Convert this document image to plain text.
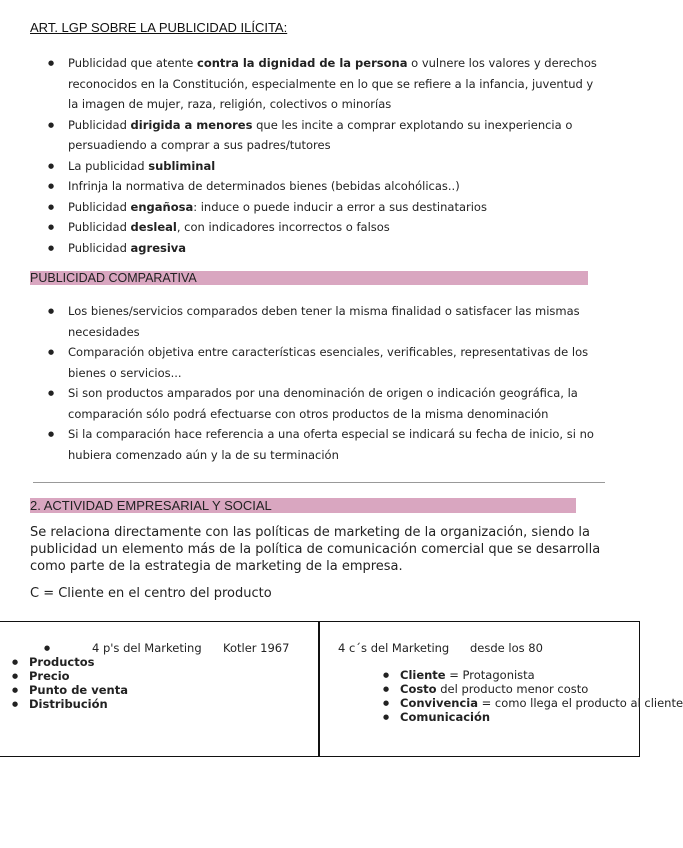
ART. LGP SOBRE LA PUBLICIDAD ILÍCITA:
● Publicidad que atente contra la dignidad de la persona o vulnere los valores y derechos reconocidos en la Constitución, especialmente en lo que se refiere a la infancia, juventud y la imagen de mujer, raza, religión, colectivos o minorías
● Publicidad dirigida a menores que les incite a comprar explotando su inexperiencia o persuadiendo a comprar a sus padres/tutores
● La publicidad subliminal
● Infrinja la normativa de determinados bienes (bebidas alcohólicas..)
● Publicidad engañosa: induce o puede inducir a error a sus destinatarios
● Publicidad desleal, con indicadores incorrectos o falsos
● Publicidad agresiva
PUBLICIDAD COMPARATIVA
● Los bienes/servicios comparados deben tener la misma finalidad o satisfacer las mismas necesidades
● Comparación objetiva entre características esenciales, verificables, representativas de los bienes o servicios...
● Si son productos amparados por una denominación de origen o indicación geográfica, la comparación sólo podrá efectuarse con otros productos de la misma denominación
● Si la comparación hace referencia a una oferta especial se indicará su fecha de inicio, si no hubiera comenzado aún y la de su terminación
2. ACTIVIDAD EMPRESARIAL Y SOCIAL

Se relaciona directamente con las políticas de marketing de la organización, siendo la publicidad un elemento más de la política de comunicación comercial que se desarrolla como parte de la estrategia de marketing de la empresa.

C = Cliente en el centro del producto

●	4 p's del Marketing Kotler 1967
● Productos
● Precio
● Punto de venta
● Distribución
4 c´s del Marketing desde los 80
● Cliente = Protagonista
● Costo del producto menor costo
● Convivencia = como llega el producto al cliente
● Comunicación
